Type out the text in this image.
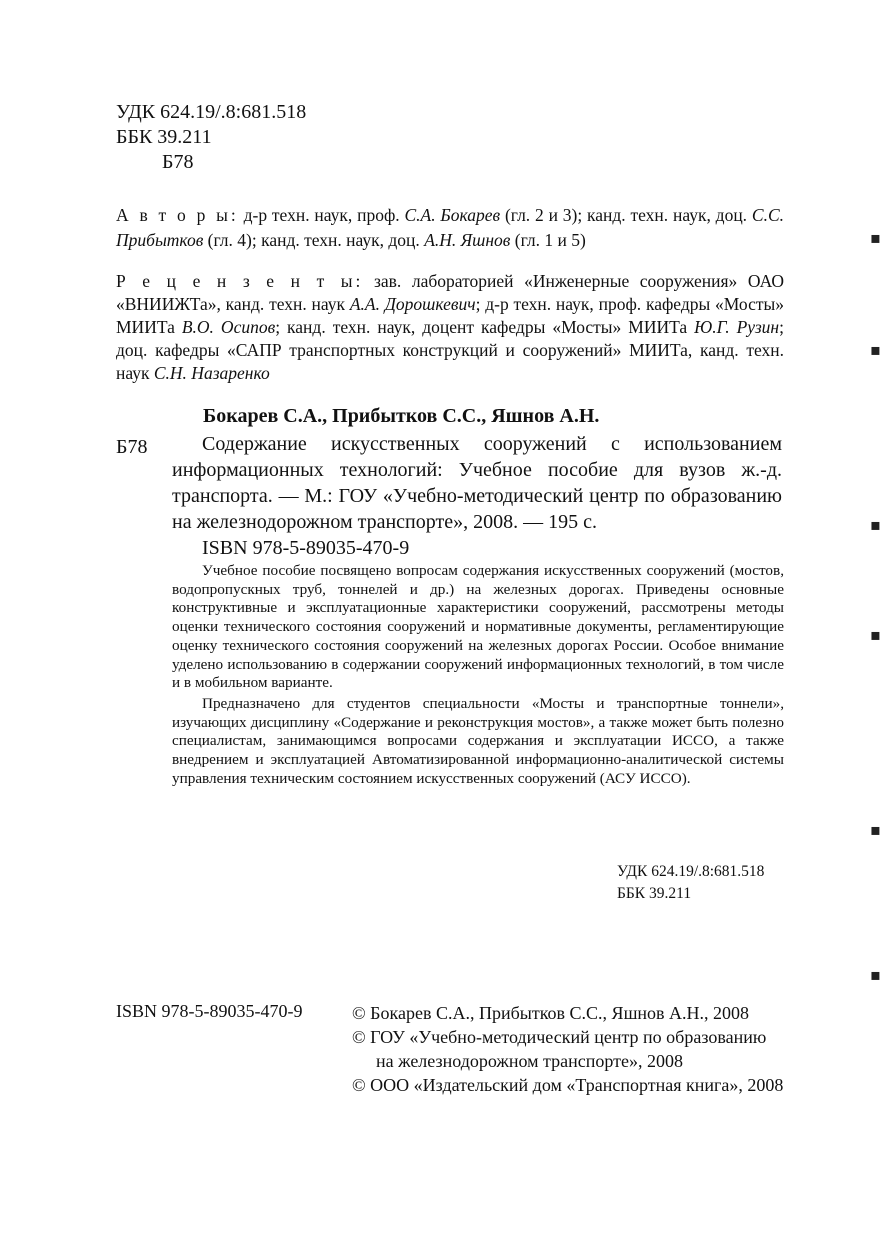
УДК 624.19/.8:681.518
ББК 39.211
Б78
А в т о р ы: д-р техн. наук, проф. С.А. Бокарев (гл. 2 и 3); канд. техн. наук, доц. С.С. Прибытков (гл. 4); канд. техн. наук, доц. А.Н. Яшнов (гл. 1 и 5)
Р е ц е н з е н т ы: зав. лабораторией «Инженерные сооружения» ОАО «ВНИИЖТа», канд. техн. наук А.А. Дорошкевич; д-р техн. наук, проф. кафедры «Мосты» МИИТа В.О. Осипов; канд. техн. наук, доцент кафедры «Мосты» МИИТа Ю.Г. Рузин; доц. кафедры «САПР транспортных конструкций и сооружений» МИИТа, канд. техн. наук С.Н. Назаренко
Бокарев С.А., Прибытков С.С., Яшнов А.Н.
Б78	Содержание искусственных сооружений с использованием информационных технологий: Учебное пособие для вузов ж.-д. транспорта. — М.: ГОУ «Учебно-методический центр по образованию на железнодорожном транспорте», 2008. — 195 с.

ISBN 978-5-89035-470-9

Учебное пособие посвящено вопросам содержания искусственных сооружений (мостов, водопропускных труб, тоннелей и др.) на железных дорогах. Приведены основные конструктивные и эксплуатационные характеристики сооружений, рассмотрены методы оценки технического состояния сооружений и нормативные документы, регламентирующие оценку технического состояния сооружений на железных дорогах России. Особое внимание уделено использованию в содержании сооружений информационных технологий, в том числе и в мобильном варианте.

Предназначено для студентов специальности «Мосты и транспортные тоннели», изучающих дисциплину «Содержание и реконструкция мостов», а также может быть полезно специалистам, занимающимся вопросами содержания и эксплуатации ИССО, а также внедрением и эксплуатацией Автоматизированной информационно-аналитической системы управления техническим состоянием искусственных сооружений (АСУ ИССО).

УДК 624.19/.8:681.518
ББК 39.211
ISBN 978-5-89035-470-9	© Бокарев С.А., Прибытков С.С., Яшнов А.Н., 2008
© ГОУ «Учебно-методический центр по образованию
на железнодорожном транспорте», 2008
© ООО «Издательский дом «Транспортная книга», 2008
▪
▪
▪
▪
▪
▪
